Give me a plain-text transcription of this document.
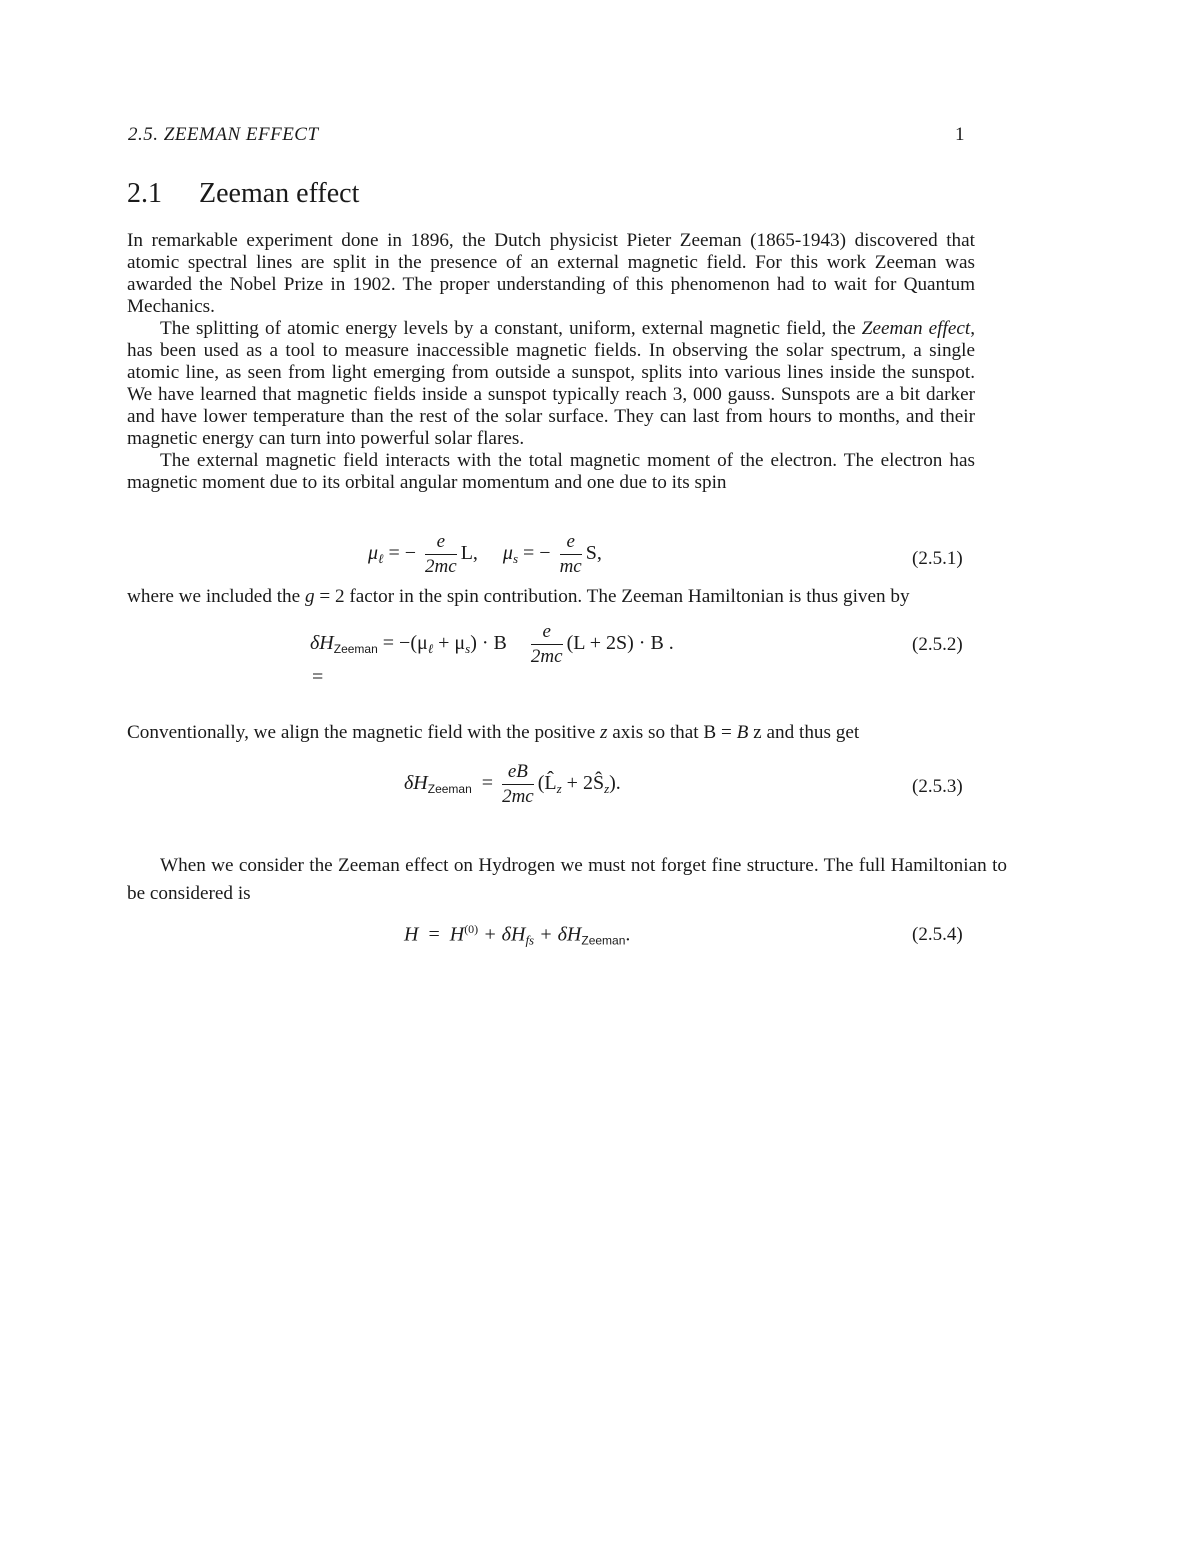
2.5. ZEEMAN EFFECT	1
2.1 Zeeman effect

In remarkable experiment done in 1896, the Dutch physicist Pieter Zeeman (1865-1943) discovered that atomic spectral lines are split in the presence of an external magnetic field. For this work Zeeman was awarded the Nobel Prize in 1902. The proper understanding of this phenomenon had to wait for Quantum Mechanics.

The splitting of atomic energy levels by a constant, uniform, external magnetic field, the Zeeman effect, has been used as a tool to measure inaccessible magnetic fields. In observing the solar spectrum, a single atomic line, as seen from light emerging from outside a sunspot, splits into various lines inside the sunspot. We have learned that magnetic fields inside a sunspot typically reach 3, 000 gauss. Sunspots are a bit darker and have lower temperature than the rest of the solar surface. They can last from hours to months, and their magnetic energy can turn into powerful solar flares.

The external magnetic field interacts with the total magnetic moment of the electron. The electron has magnetic moment due to its orbital angular momentum and one due to its spin

$\mu_\ell$ = − $\frac{e}{2mc} L$, $\mu_s$ = − $\frac{e}{mc} S$,	(2.5.1)

where we included the g = 2 factor in the spin contribution. The Zeeman Hamiltonian is thus given by

$\delta H_{Zeeman} = -(\mu_\ell + \mu_s) \cdot B \frac{e}{2mc} (L + 2S) \cdot B$ .
=
(2.5.2)

Conventionally, we align the magnetic field with the positive z axis so that B = B z and thus get

$\delta H_{Zeeman} = \frac{eB}{2mc}$ ($L̂_z$ + $2Ŝ_z$).	(2.5.3)

When we consider the Zeeman effect on Hydrogen we must not forget fine structure. The full Hamiltonian to be considered is

$H = H^{(0)} + \delta H_{fs} + \delta H_{Zeeman}$.	(2.5.4)
